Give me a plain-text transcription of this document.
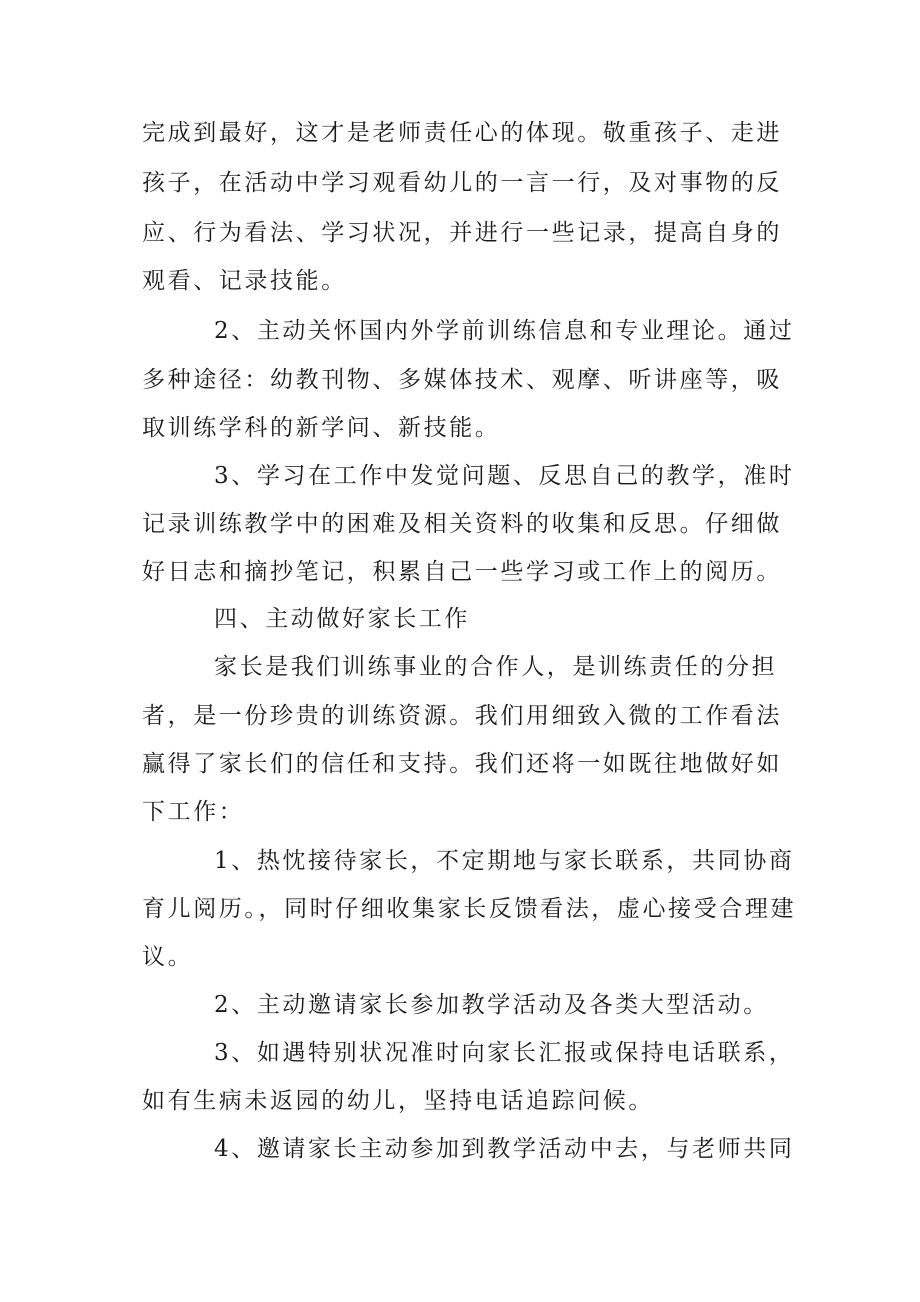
完成到最好，这才是老师责任心的体现。敬重孩子、走进

孩子，在活动中学习观看幼儿的一言一行，及对事物的反

应、行为看法、学习状况，并进行一些记录，提高自身的

观看、记录技能。

2、主动关怀国内外学前训练信息和专业理论。通过

多种途径：幼教刊物、多媒体技术、观摩、听讲座等，吸

取训练学科的新学问、新技能。

3、学习在工作中发觉问题、反思自己的教学，准时

记录训练教学中的困难及相关资料的收集和反思。仔细做

好日志和摘抄笔记，积累自己一些学习或工作上的阅历。

四、主动做好家长工作

家长是我们训练事业的合作人，是训练责任的分担

者，是一份珍贵的训练资源。我们用细致入微的工作看法

赢得了家长们的信任和支持。我们还将一如既往地做好如

下工作：

1、热忱接待家长，不定期地与家长联系，共同协商

育儿阅历。，同时仔细收集家长反馈看法，虚心接受合理建

议。

2、主动邀请家长参加教学活动及各类大型活动。

3、如遇特别状况准时向家长汇报或保持电话联系，

如有生病未返园的幼儿，坚持电话追踪问候。

4、邀请家长主动参加到教学活动中去，与老师共同
